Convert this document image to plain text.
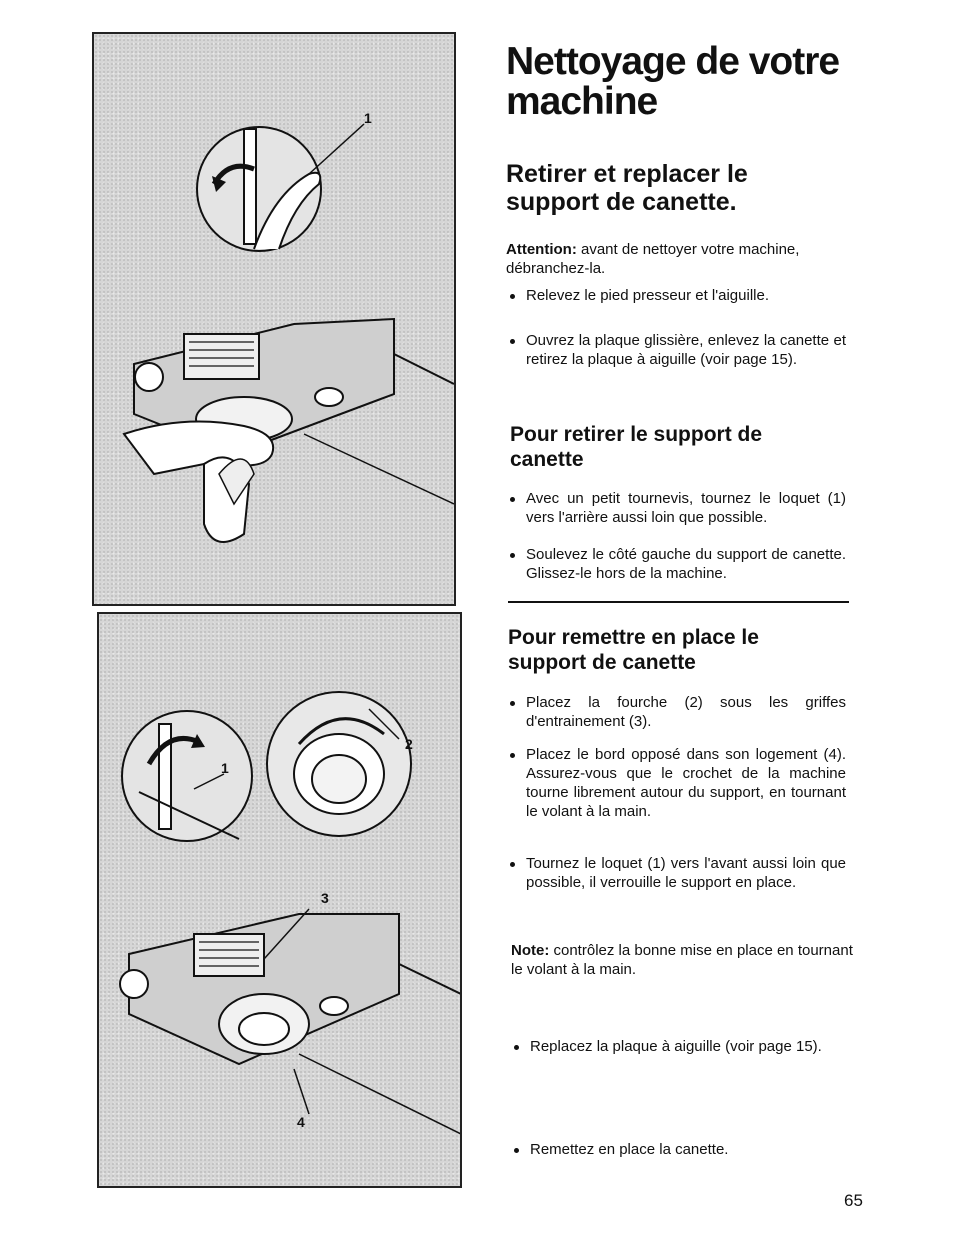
1
1
2
3
4
Nettoyage de votre machine
Retirer et replacer le support de canette.

Attention: avant de nettoyer votre machine, débranchez-la.

Relevez le pied presseur et l'aiguille.
Ouvrez la plaque glissière, enlevez la canette et retirez la plaque à aiguille (voir page 15).
Pour retirer le support de canette
Avec un petit tournevis, tournez le loquet (1) vers l'arrière aussi loin que possible.
Soulevez le côté gauche du support de canette. Glissez-le hors de la machine.
Pour remettre en place le support de canette
Placez la fourche (2) sous les griffes d'entrainement (3).
Placez le bord opposé dans son logement (4). Assurez-vous que le crochet de la machine tourne librement autour du support, en tournant le volant à la main.
Tournez le loquet (1) vers l'avant aussi loin que possible, il verrouille le support en place.

Note: contrôlez la bonne mise en place en tournant le volant à la main.

Replacez la plaque à aiguille (voir page 15).
Remettez en place la canette.
65
